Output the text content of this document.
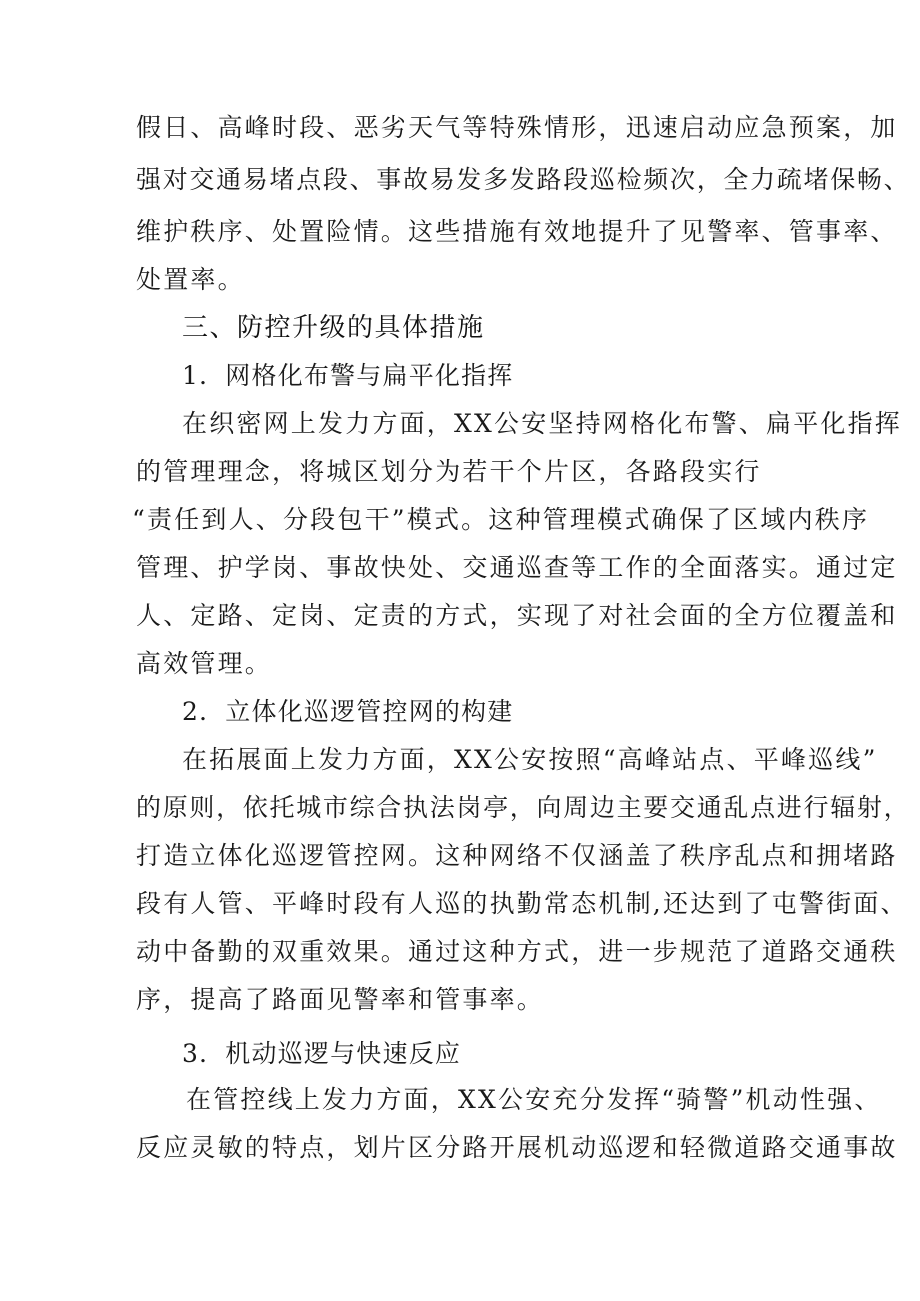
假日、高峰时段、恶劣天气等特殊情形，迅速启动应急预案，加
强对交通易堵点段、事故易发多发路段巡检频次，全力疏堵保畅、
维护秩序、处置险情。这些措施有效地提升了见警率、管事率、
处置率。
三、防控升级的具体措施
1．网格化布警与扁平化指挥
在织密网上发力方面，XX公安坚持网格化布警、扁平化指挥
的管理理念，将城区划分为若干个片区，各路段实行
“责任到人、分段包干”模式。这种管理模式确保了区域内秩序
管理、护学岗、事故快处、交通巡查等工作的全面落实。通过定
人、定路、定岗、定责的方式，实现了对社会面的全方位覆盖和
高效管理。
2．立体化巡逻管控网的构建
在拓展面上发力方面，XX公安按照“高峰站点、平峰巡线”
的原则，依托城市综合执法岗亭，向周边主要交通乱点进行辐射，
打造立体化巡逻管控网。这种网络不仅涵盖了秩序乱点和拥堵路
段有人管、平峰时段有人巡的执勤常态机制,还达到了屯警街面、
动中备勤的双重效果。通过这种方式，进一步规范了道路交通秩
序，提高了路面见警率和管事率。
3．机动巡逻与快速反应
在管控线上发力方面，XX公安充分发挥“骑警”机动性强、
反应灵敏的特点，划片区分路开展机动巡逻和轻微道路交通事故
